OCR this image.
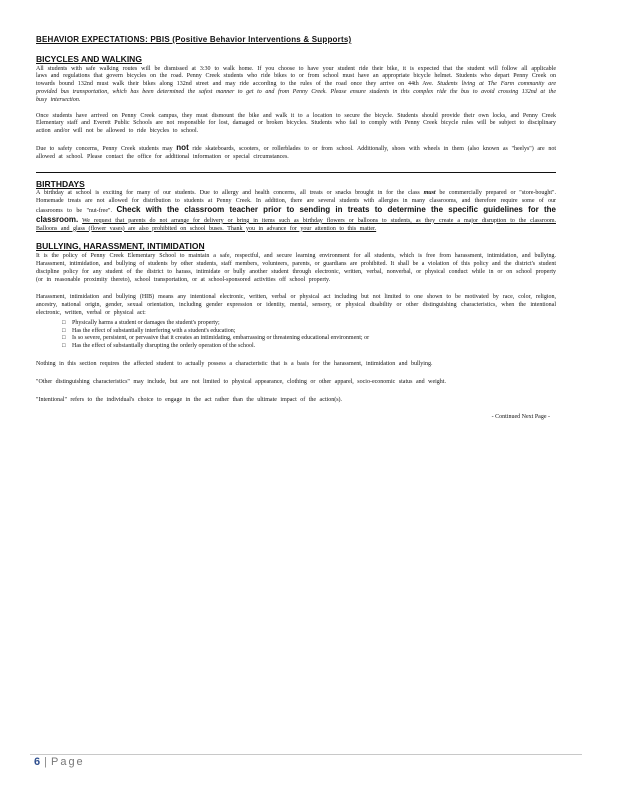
BEHAVIOR EXPECTATIONS: PBIS (Positive Behavior Interventions & Supports)
BICYCLES AND WALKING

All students with safe walking routes will be dismissed at 3:30 to walk home. If you choose to have your student ride their bike, it is expected that the student will follow all applicable laws and regulations that govern bicycles on the road. Penny Creek students who ride bikes to or from school must have an appropriate bicycle helmet. Students who depart Penny Creek on towards bound 132nd must walk their bikes along 132nd street and may ride according to the rules of the road once they arrive on 44th Ave. Students living at The Farm community are provided bus transportation, which has been determined the safest manner to get to and from Penny Creek. Please ensure students in this complex ride the bus to avoid crossing 132nd at the busy intersection.

Once students have arrived on Penny Creek campus, they must dismount the bike and walk it to a location to secure the bicycle. Students should provide their own locks, and Penny Creek Elementary staff and Everett Public Schools are not responsible for lost, damaged or broken bicycles. Students who fail to comply with Penny Creek bicycle rules will be subject to disciplinary action and/or will not be allowed to ride bicycles to school.

Due to safety concerns, Penny Creek students may not ride skateboards, scooters, or rollerblades to or from school. Additionally, shoes with wheels in them (also known as "heelys") are not allowed at school. Please contact the office for additional information or special circumstances.

BIRTHDAYS

A birthday at school is exciting for many of our students. Due to allergy and health concerns, all treats or snacks brought in for the class must be commercially prepared or "store-bought". Homemade treats are not allowed for distribution to students at Penny Creek. In addition, there are several students with allergies in many classrooms, and therefore require some of our classrooms to be "nut-free". Check with the classroom teacher prior to sending in treats to determine the specific guidelines for the classroom. We request that parents do not arrange for delivery or bring in items such as birthday flowers or balloons to students, as they create a major disruption to the classroom. Balloons and glass (flower vases) are also prohibited on school buses. Thank you in advance for your attention to this matter.

BULLYING, HARASSMENT, INTIMIDATION

It is the policy of Penny Creek Elementary School to maintain a safe, respectful, and secure learning environment for all students, which is free from harassment, intimidation, and bullying. Harassment, intimidation, and bullying of students by other students, staff members, volunteers, parents, or guardians are prohibited. It shall be a violation of this policy and the district's student discipline policy for any student of the district to harass, intimidate or bully another student through electronic, written, verbal, nonverbal, or physical conduct while in or on school property (or in reasonable proximity thereto), school transportation, or at school-sponsored activities off school property.

Harassment, intimidation and bullying (HIB) means any intentional electronic, written, verbal or physical act including but not limited to one shown to be motivated by race, color, religion, ancestry, national origin, gender, sexual orientation, including gender expression or identity, mental, sensory, or physical disability or other distinguishing characteristics, when the intentional electronic, written, verbal or physical act:

□ Physically harms a student or damages the student's property;
□ Has the effect of substantially interfering with a student's education;
□ Is so severe, persistent, or pervasive that it creates an intimidating, embarrassing or threatening educational environment; or
□ Has the effect of substantially disrupting the orderly operation of the school.

Nothing in this section requires the affected student to actually possess a characteristic that is a basis for the harassment, intimidation and bullying.

"Other distinguishing characteristics" may include, but are not limited to physical appearance, clothing or other apparel, socio-economic status and weight.

"Intentional" refers to the individual's choice to engage in the act rather than the ultimate impact of the action(s).

- Continued Next Page -
6 | Page
